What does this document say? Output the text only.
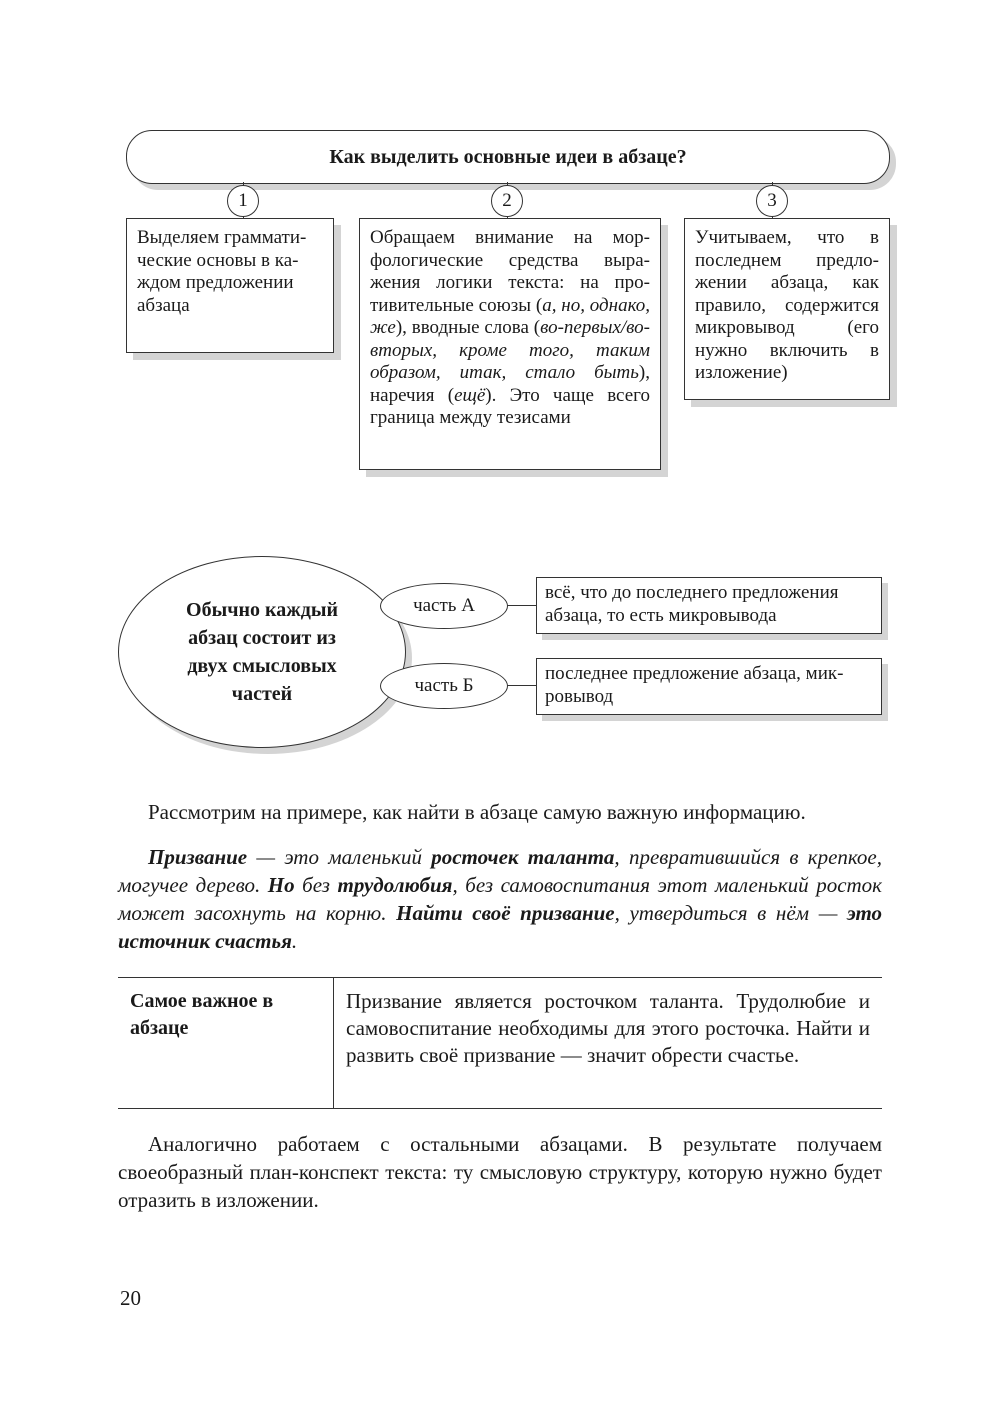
Как выделить основные идеи в абзаце?
1	2	3
Выделяем грамматические основы в каждом предложении абзаца
Обращаем внимание на морфологические средства выражения логики текста: на противительные союзы (а, но, однако, же), вводные слова (во-первых/во-вторых, кроме того, таким образом, итак, стало быть), наречия (ещё). Это чаще всего граница между тезисами
Учитываем, что в последнем предложении абзаца, как правило, содержится микровывод (его нужно включить в изложение)
Обычно каждый абзац состоит из двух смысловых частей
часть А
часть Б
всё, что до последнего предложения абзаца, то есть микровывода
последнее предложение абзаца, микровывод
Рассмотрим на примере, как найти в абзаце самую важную информацию.
Призвание — это маленький росточек таланта, превратившийся в крепкое, могучее дерево. Но без трудолюбия, без самовоспитания этот маленький росток может засохнуть на корню. Найти своё призвание, утвердиться в нём — это источник счастья.
Самое важное в абзаце
Призвание является росточком таланта. Трудолюбие и самовоспитание необходимы для этого росточка. Найти и развить своё призвание — значит обрести счастье.
Аналогично работаем с остальными абзацами. В результате получаем своеобразный план-конспект текста: ту смысловую структуру, которую нужно будет отразить в изложении.
20
